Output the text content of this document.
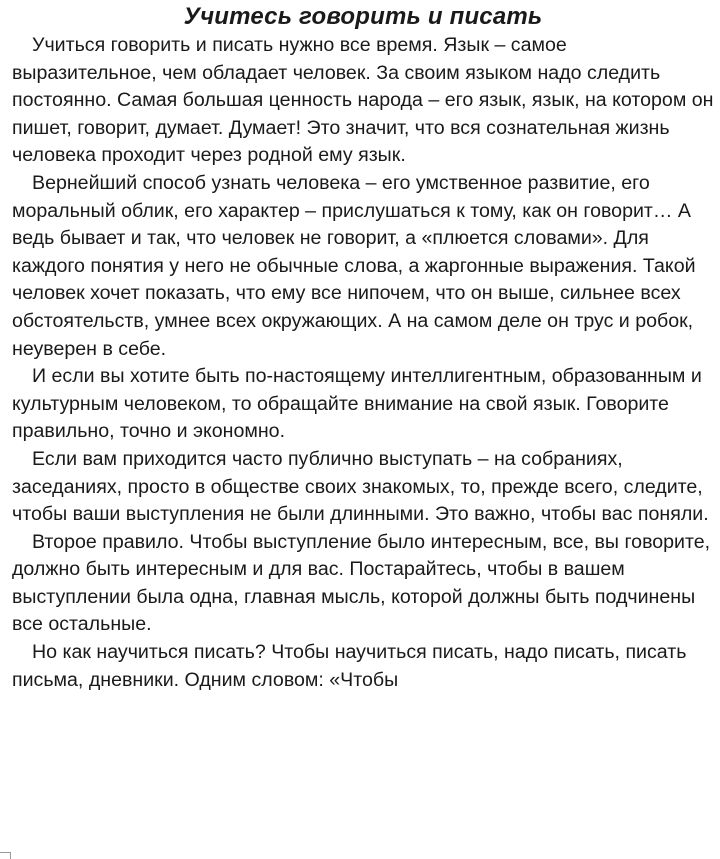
Учитесь говорить и писать

Учиться говорить и писать нужно все время. Язык – самое выразительное, чем обладает человек. За своим языком надо следить постоянно. Самая большая ценность народа – его язык, язык, на котором он пишет, говорит, думает. Думает! Это значит, что вся сознательная жизнь человека проходит через родной ему язык.

Вернейший способ узнать человека – его умственное развитие, его моральный облик, его характер – прислушаться к тому, как он говорит… А ведь бывает и так, что человек не говорит, а «плюется словами». Для каждого понятия у него не обычные слова, а жаргонные выражения. Такой человек хочет показать, что ему все нипочем, что он выше, сильнее всех обстоятельств, умнее всех окружающих. А на самом деле он трус и робок, неуверен в себе.

И если вы хотите быть по-настоящему интеллигентным, образованным и культурным человеком, то обращайте внимание на свой язык. Говорите правильно, точно и экономно.

Если вам приходится часто публично выступать – на собраниях, заседаниях, просто в обществе своих знакомых, то, прежде всего, следите, чтобы ваши выступления не были длинными. Это важно, чтобы вас поняли.

Второе правило. Чтобы выступление было интересным, все, вы говорите, должно быть интересным и для вас. Постарайтесь, чтобы в вашем выступлении была одна, главная мысль, которой должны быть подчинены все остальные.

Но как научиться писать? Чтобы научиться писать, надо писать, писать письма, дневники. Одним словом: «Чтобы
